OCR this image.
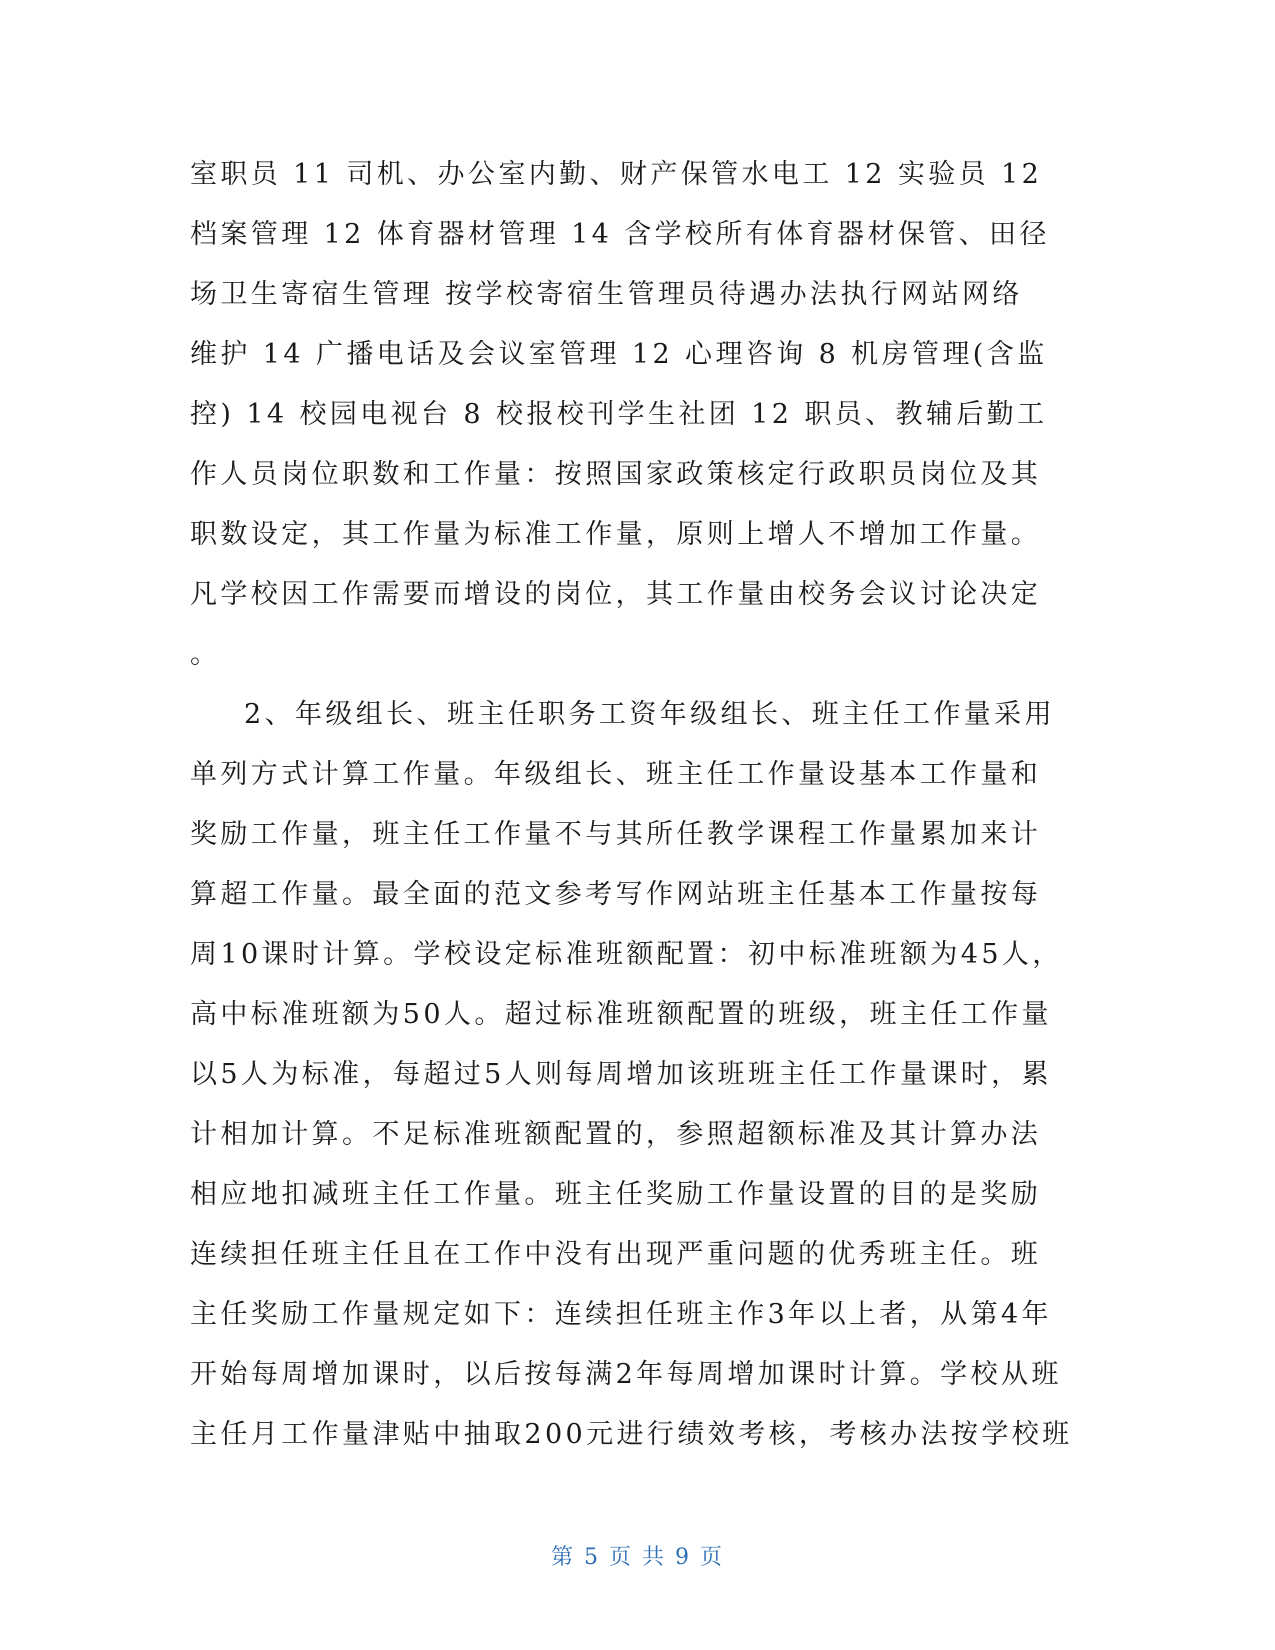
室职员 11 司机、办公室内勤、财产保管水电工 12 实验员 12
档案管理 12 体育器材管理 14 含学校所有体育器材保管、田径
场卫生寄宿生管理 按学校寄宿生管理员待遇办法执行网站网络
维护 14 广播电话及会议室管理 12 心理咨询 8 机房管理(含监
控) 14 校园电视台 8 校报校刊学生社团 12 职员、教辅后勤工
作人员岗位职数和工作量：按照国家政策核定行政职员岗位及其
职数设定，其工作量为标准工作量，原则上增人不增加工作量。
凡学校因工作需要而增设的岗位，其工作量由校务会议讨论决定
。
2、年级组长、班主任职务工资年级组长、班主任工作量采用
单列方式计算工作量。年级组长、班主任工作量设基本工作量和
奖励工作量，班主任工作量不与其所任教学课程工作量累加来计
算超工作量。最全面的范文参考写作网站班主任基本工作量按每
周10课时计算。学校设定标准班额配置：初中标准班额为45人，
高中标准班额为50人。超过标准班额配置的班级，班主任工作量
以5人为标准，每超过5人则每周增加该班班主任工作量课时，累
计相加计算。不足标准班额配置的，参照超额标准及其计算办法
相应地扣减班主任工作量。班主任奖励工作量设置的目的是奖励
连续担任班主任且在工作中没有出现严重问题的优秀班主任。班
主任奖励工作量规定如下：连续担任班主作3年以上者，从第4年
开始每周增加课时，以后按每满2年每周增加课时计算。学校从班
主任月工作量津贴中抽取200元进行绩效考核，考核办法按学校班
第 5 页 共 9 页
